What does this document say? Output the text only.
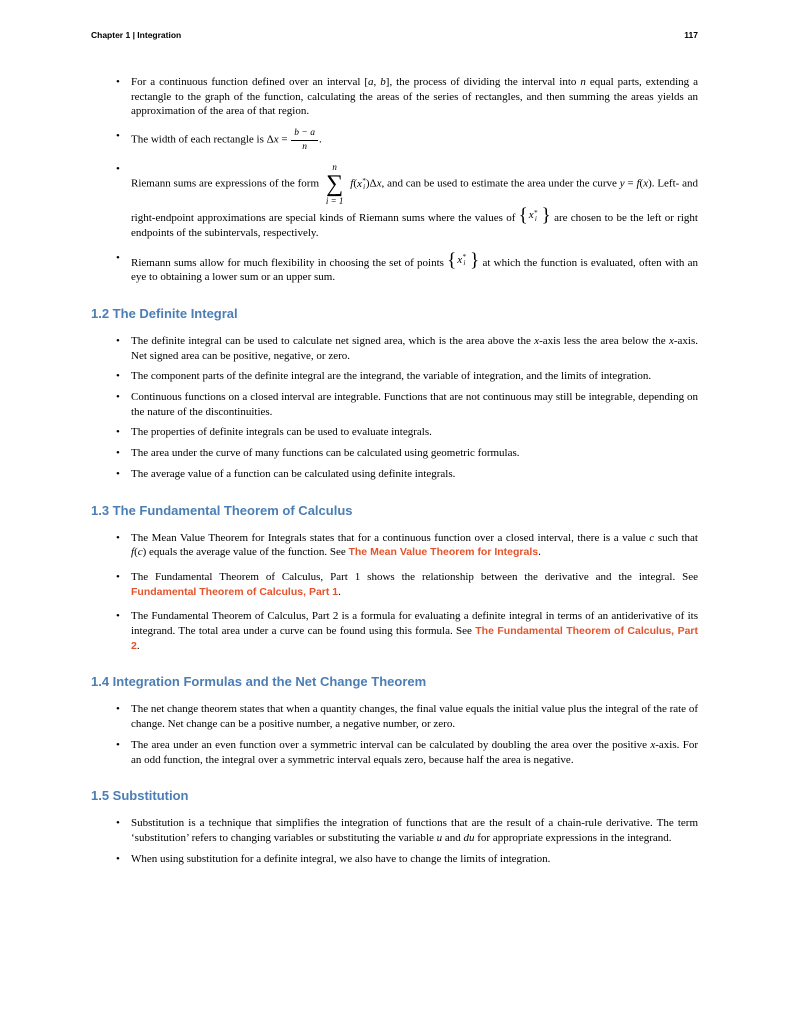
Chapter 1 | Integration	117
• For a continuous function defined over an interval [a, b], the process of dividing the interval into n equal parts, extending a rectangle to the graph of the function, calculating the areas of the series of rectangles, and then summing the areas yields an approximation of the area of that region.
• The width of each rectangle is $\Delta x = \frac{b - a}{n}$ .
• Riemann sums are expressions of the form
n
∑
i = 1
f( x *
i )Δx, and can be used to estimate the area under the curve y = f(x). Left- and right-endpoint approximations are special kinds of Riemann sums where the values of { x *
i } are chosen to be the left or right endpoints of the subintervals, respectively.
• Riemann sums allow for much flexibility in choosing the set of points { x *
i } at which the function is evaluated, often with an eye to obtaining a lower sum or an upper sum.
1.2 The Definite Integral
• The definite integral can be used to calculate net signed area, which is the area above the x-axis less the area below the x-axis. Net signed area can be positive, negative, or zero.
• The component parts of the definite integral are the integrand, the variable of integration, and the limits of integration.
• Continuous functions on a closed interval are integrable. Functions that are not continuous may still be integrable, depending on the nature of the discontinuities.
• The properties of definite integrals can be used to evaluate integrals.
• The area under the curve of many functions can be calculated using geometric formulas.
• The average value of a function can be calculated using definite integrals.
1.3 The Fundamental Theorem of Calculus
• The Mean Value Theorem for Integrals states that for a continuous function over a closed interval, there is a value c such that f(c) equals the average value of the function. See The Mean Value Theorem for Integrals.
• The Fundamental Theorem of Calculus, Part 1 shows the relationship between the derivative and the integral. See Fundamental Theorem of Calculus, Part 1.
• The Fundamental Theorem of Calculus, Part 2 is a formula for evaluating a definite integral in terms of an antiderivative of its integrand. The total area under a curve can be found using this formula. See The Fundamental Theorem of Calculus, Part 2.
1.4 Integration Formulas and the Net Change Theorem
• The net change theorem states that when a quantity changes, the final value equals the initial value plus the integral of the rate of change. Net change can be a positive number, a negative number, or zero.
• The area under an even function over a symmetric interval can be calculated by doubling the area over the positive x-axis. For an odd function, the integral over a symmetric interval equals zero, because half the area is negative.
1.5 Substitution
• Substitution is a technique that simplifies the integration of functions that are the result of a chain-rule derivative. The term ‘substitution’ refers to changing variables or substituting the variable u and du for appropriate expressions in the integrand.
• When using substitution for a definite integral, we also have to change the limits of integration.
